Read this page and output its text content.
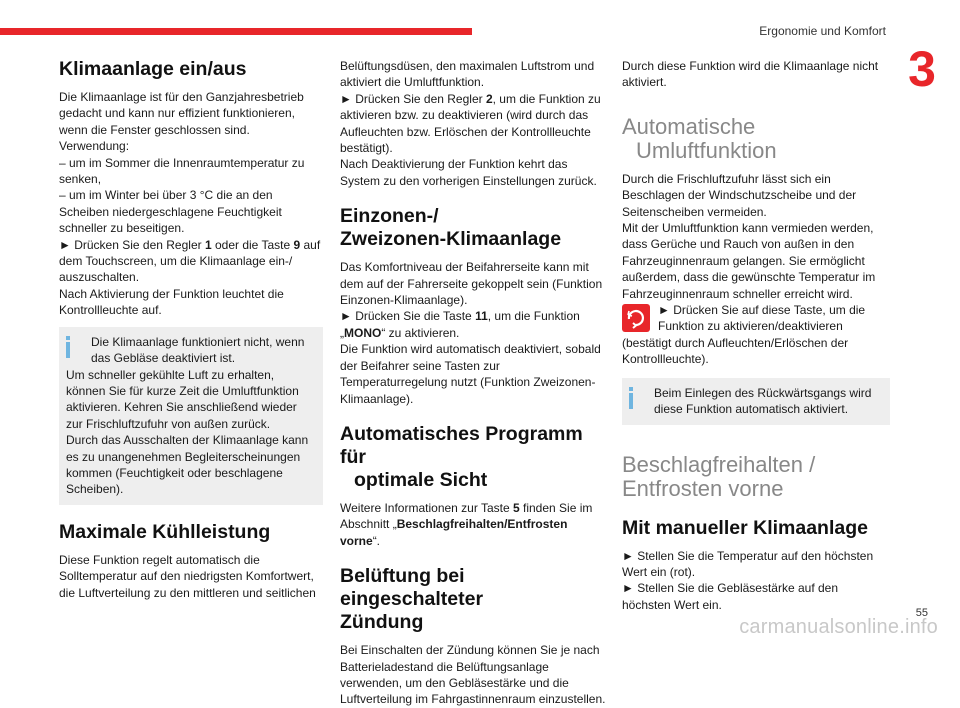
Ergonomie und Komfort
3
Klimaanlage ein/aus

Die Klimaanlage ist für den Ganzjahresbetrieb gedacht und kann nur effizient funktionieren, wenn die Fenster geschlossen sind.

Verwendung:

– um im Sommer die Innenraumtemperatur zu senken,

– um im Winter bei über 3 °C die an den Scheiben niedergeschlagene Feuchtigkeit schneller zu beseitigen.

► Drücken Sie den Regler 1 oder die Taste 9 auf dem Touchscreen, um die Klimaanlage ein-/ auszuschalten.

Nach Aktivierung der Funktion leuchtet die Kontrollleuchte auf.

Die Klimaanlage funktioniert nicht, wenn das Gebläse deaktiviert ist.

Um schneller gekühlte Luft zu erhalten, können Sie für kurze Zeit die Umluftfunktion aktivieren. Kehren Sie anschließend wieder zur Frischluftzufuhr von außen zurück.

Durch das Ausschalten der Klimaanlage kann es zu unangenehmen Begleiterscheinungen kommen (Feuchtigkeit oder beschlagene Scheiben).

Maximale Kühlleistung

Diese Funktion regelt automatisch die Solltemperatur auf den niedrigsten Komfortwert, die Luftverteilung zu den mittleren und seitlichen

Belüftungsdüsen, den maximalen Luftstrom und aktiviert die Umluftfunktion.

► Drücken Sie den Regler 2, um die Funktion zu aktivieren bzw. zu deaktivieren (wird durch das Aufleuchten bzw. Erlöschen der Kontrollleuchte bestätigt).

Nach Deaktivierung der Funktion kehrt das System zu den vorherigen Einstellungen zurück.

Einzonen-/
Zweizonen-Klimaanlage

Das Komfortniveau der Beifahrerseite kann mit dem auf der Fahrerseite gekoppelt sein (Funktion Einzonen-Klimaanlage).

► Drücken Sie die Taste 11, um die Funktion „MONO“ zu aktivieren.

Die Funktion wird automatisch deaktiviert, sobald der Beifahrer seine Tasten zur Temperaturregelung nutzt (Funktion Zweizonen-Klimaanlage).

Automatisches Programm für
optimale Sicht

Weitere Informationen zur Taste 5 finden Sie im Abschnitt „Beschlagfreihalten/Entfrosten vorne“.

Belüftung bei eingeschalteter
Zündung

Bei Einschalten der Zündung können Sie je nach Batterieladestand die Belüftungsanlage verwenden, um den Gebläsestärke und die Luftverteilung im Fahrgastinnenraum einzustellen.

Durch diese Funktion wird die Klimaanlage nicht aktiviert.

Automatische
Umluftfunktion

Durch die Frischluftzufuhr lässt sich ein Beschlagen der Windschutzscheibe und der Seitenscheiben vermeiden.

Mit der Umluftfunktion kann vermieden werden, dass Gerüche und Rauch von außen in den Fahrzeuginnenraum gelangen. Sie ermöglicht außerdem, dass die gewünschte Temperatur im Fahrzeuginnenraum schneller erreicht wird.

► Drücken Sie auf diese Taste, um die Funktion zu aktivieren/deaktivieren (bestätigt durch Aufleuchten/Erlöschen der Kontrollleuchte).

Beim Einlegen des Rückwärtsgangs wird diese Funktion automatisch aktiviert.

Beschlagfreihalten /
Entfrosten vorne
Mit manueller Klimaanlage

► Stellen Sie die Temperatur auf den höchsten Wert ein (rot).

► Stellen Sie die Gebläsestärke auf den höchsten Wert ein.

55
carmanualsonline.info
